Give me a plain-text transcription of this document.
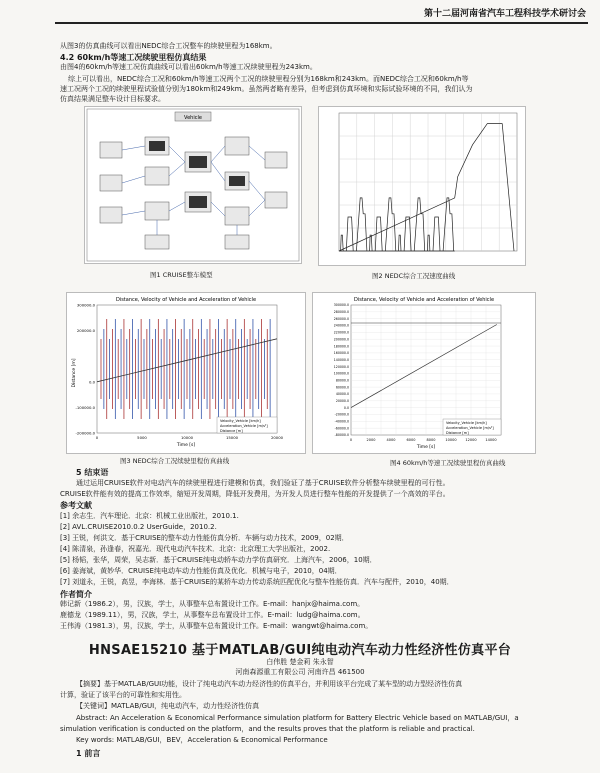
第十二届河南省汽车工程科技学术研讨会
从图3的仿真曲线可以看出NEDC综合工况整车的续驶里程为168km。
4.2 60km/h等速工况续驶里程仿真结果
由图4的60km/h等速工况仿真曲线可以看出60km/h等速工况续驶里程为243km。
综上可以看出，NEDC综合工况和60km/h等速工况两个工况的续驶里程分别为168km和243km。而NEDC综合工况和60km/h等
速工况两个工况的续驶里程试验值分别为180km和249km。虽然两者略有差异，但考虑到仿真环境和实际试验环境的不同，我们认为
仿真结果满足整车设计目标要求。
Vehicle
图1 CRUISE整车模型	图2 NEDC综合工况速度曲线
Distance, Velocity of Vehicle and Acceleration of Vehicle
300000.0
200000.0
0.0
-100000.0
-200000.0
0	5000	10000	15000	20000
Time [s]
Distance [m]
Velocity_Vehicle [km/h]
Acceleration_Vehicle [m/s²]
Distance [m]
图3 NEDC综合工况续驶里程仿真曲线
Distance, Velocity of Vehicle and Acceleration of Vehicle
300000.0
280000.0
260000.0
240000.0
220000.0
200000.0
180000.0
160000.0
140000.0
120000.0
100000.0
80000.0
60000.0
40000.0
20000.0
0.0
-20000.0
-40000.0
-60000.0
-80000.0
0	2000	4000	6000	8000	10000	12000	14000
Time [s]
Velocity_Vehicle [km/h]
Acceleration_Vehicle [m/s²]
Distance [m]
图4 60km/h等速工况续驶里程仿真曲线
5 结束语
通过运用CRUISE软件对电动汽车的续驶里程进行建模和仿真，我们验证了基于CRUISE软件分析整车续驶里程的可行性。
CRUISE软件能有效的提高工作效率，缩短开发周期，降低开发费用，为开发人员进行整车性能的开发提供了一个高效的平台。
参考文献
[1] 余志生．汽车理论．北京：机械工业出版社，2010.1.
[2] AVL.CRUISE2010.0.2 UserGuide，2010.2.
[3] 王锐，何洪文．基于CRUISE的整车动力性能仿真分析．车辆与动力技术，2009，02期．
[4] 陈清泉，孙逢春，祝嘉光．现代电动汽车技术．北京：北京理工大学出版社，2002.
[5] 杨韬，张华，周荣，吴志新．基于CRUISE纯电动轿车动力学仿真研究．上海汽车，2006，10期．
[6] 姜海斌，黄妙华．CRUISE纯电动车动力性能仿真及优化．机械与电子，2010，04期．
[7] 刘道永，王锐，高昱，李海林．基于CRUISE的某轿车动力传动系统匹配优化与整车性能仿真．汽车与配件，2010，40期．
作者简介
韩记新（1986.2），男，汉族，学士，从事整车总布置设计工作。E-mail：hanjx@haima.com。
鹿德龙（1989.11），男，汉族，学士，从事整车总布置设计工作。E-mail：ludg@haima.com。
王伟涛（1981.3），男，汉族，学士，从事整车总布置设计工作。E-mail：wangwt@haima.com。
HNSAE15210 基于MATLAB/GUI纯电动汽车动力性经济性仿真平台
白伟胜 楚金莉 朱永智
河南森源重工有限公司 河南许昌 461500
【摘要】基于MATLAB/GUI功能，设计了纯电动汽车动力经济性的仿真平台，并利用该平台完成了某车型的动力型经济性仿真
计算，验证了该平台的可靠性和实用性。
【关键词】MATLAB/GUI，纯电动汽车，动力性经济性仿真
Abstract: An Acceleration & Economical Performance simulation platform for Battery Electric Vehicle based on MATLAB/GUI，a
simulation verification is conducted on the platform，and the results proves that the platform is reliable and practical.
Key words: MATLAB/GUI，BEV，Acceleration & Economical Performance
1 前言
